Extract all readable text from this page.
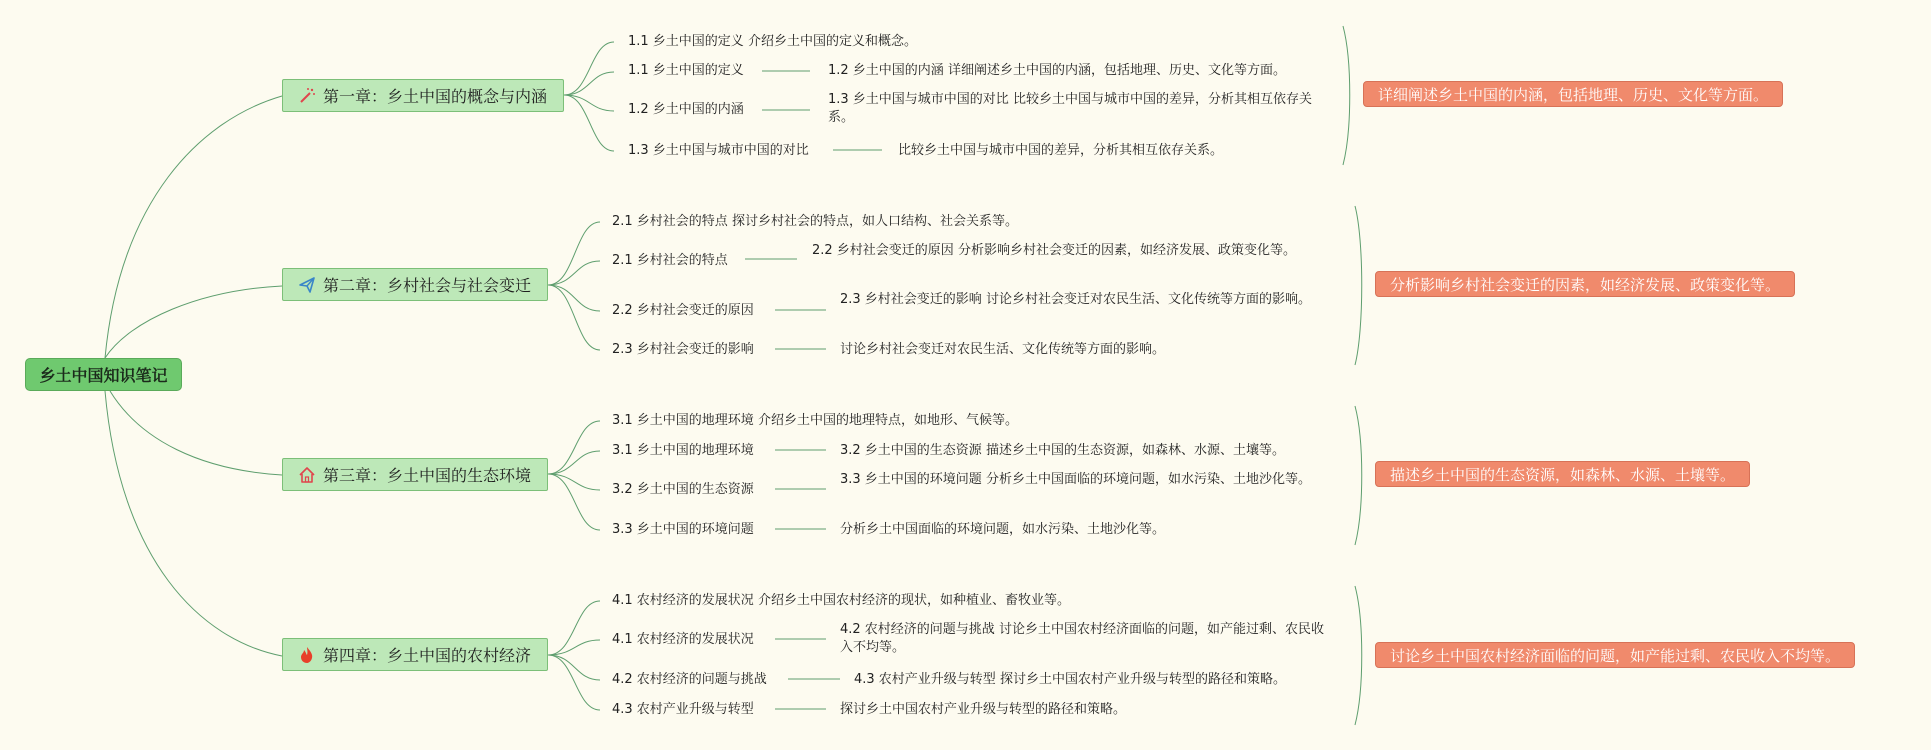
乡土中国知识笔记
第一章：乡土中国的概念与内涵
1.1 乡土中国的定义 介绍乡土中国的定义和概念。
1.1 乡土中国的定义	1.2 乡土中国的内涵 详细阐述乡土中国的内涵，包括地理、历史、文化等方面。
1.2 乡土中国的内涵
1.3 乡土中国与城市中国的对比 比较乡土中国与城市中国的差异，分析其相互依存关系。
1.3 乡土中国与城市中国的对比	比较乡土中国与城市中国的差异，分析其相互依存关系。
详细阐述乡土中国的内涵，包括地理、历史、文化等方面。
第二章：乡村社会与社会变迁
2.1 乡村社会的特点 探讨乡村社会的特点，如人口结构、社会关系等。
2.1 乡村社会的特点
2.2 乡村社会变迁的原因 分析影响乡村社会变迁的因素，如经济发展、政策变化等。
2.2 乡村社会变迁的原因
2.3 乡村社会变迁的影响 讨论乡村社会变迁对农民生活、文化传统等方面的影响。
2.3 乡村社会变迁的影响	讨论乡村社会变迁对农民生活、文化传统等方面的影响。
分析影响乡村社会变迁的因素，如经济发展、政策变化等。
第三章：乡土中国的生态环境
3.1 乡土中国的地理环境 介绍乡土中国的地理特点，如地形、气候等。
3.1 乡土中国的地理环境	3.2 乡土中国的生态资源 描述乡土中国的生态资源，如森林、水源、土壤等。
3.2 乡土中国的生态资源
3.3 乡土中国的环境问题 分析乡土中国面临的环境问题，如水污染、土地沙化等。
3.3 乡土中国的环境问题	分析乡土中国面临的环境问题，如水污染、土地沙化等。
描述乡土中国的生态资源，如森林、水源、土壤等。
第四章：乡土中国的农村经济
4.1 农村经济的发展状况 介绍乡土中国农村经济的现状，如种植业、畜牧业等。
4.1 农村经济的发展状况
4.2 农村经济的问题与挑战 讨论乡土中国农村经济面临的问题，如产能过剩、农民收入不均等。
4.2 农村经济的问题与挑战	4.3 农村产业升级与转型 探讨乡土中国农村产业升级与转型的路径和策略。
4.3 农村产业升级与转型	探讨乡土中国农村产业升级与转型的路径和策略。
讨论乡土中国农村经济面临的问题，如产能过剩、农民收入不均等。
